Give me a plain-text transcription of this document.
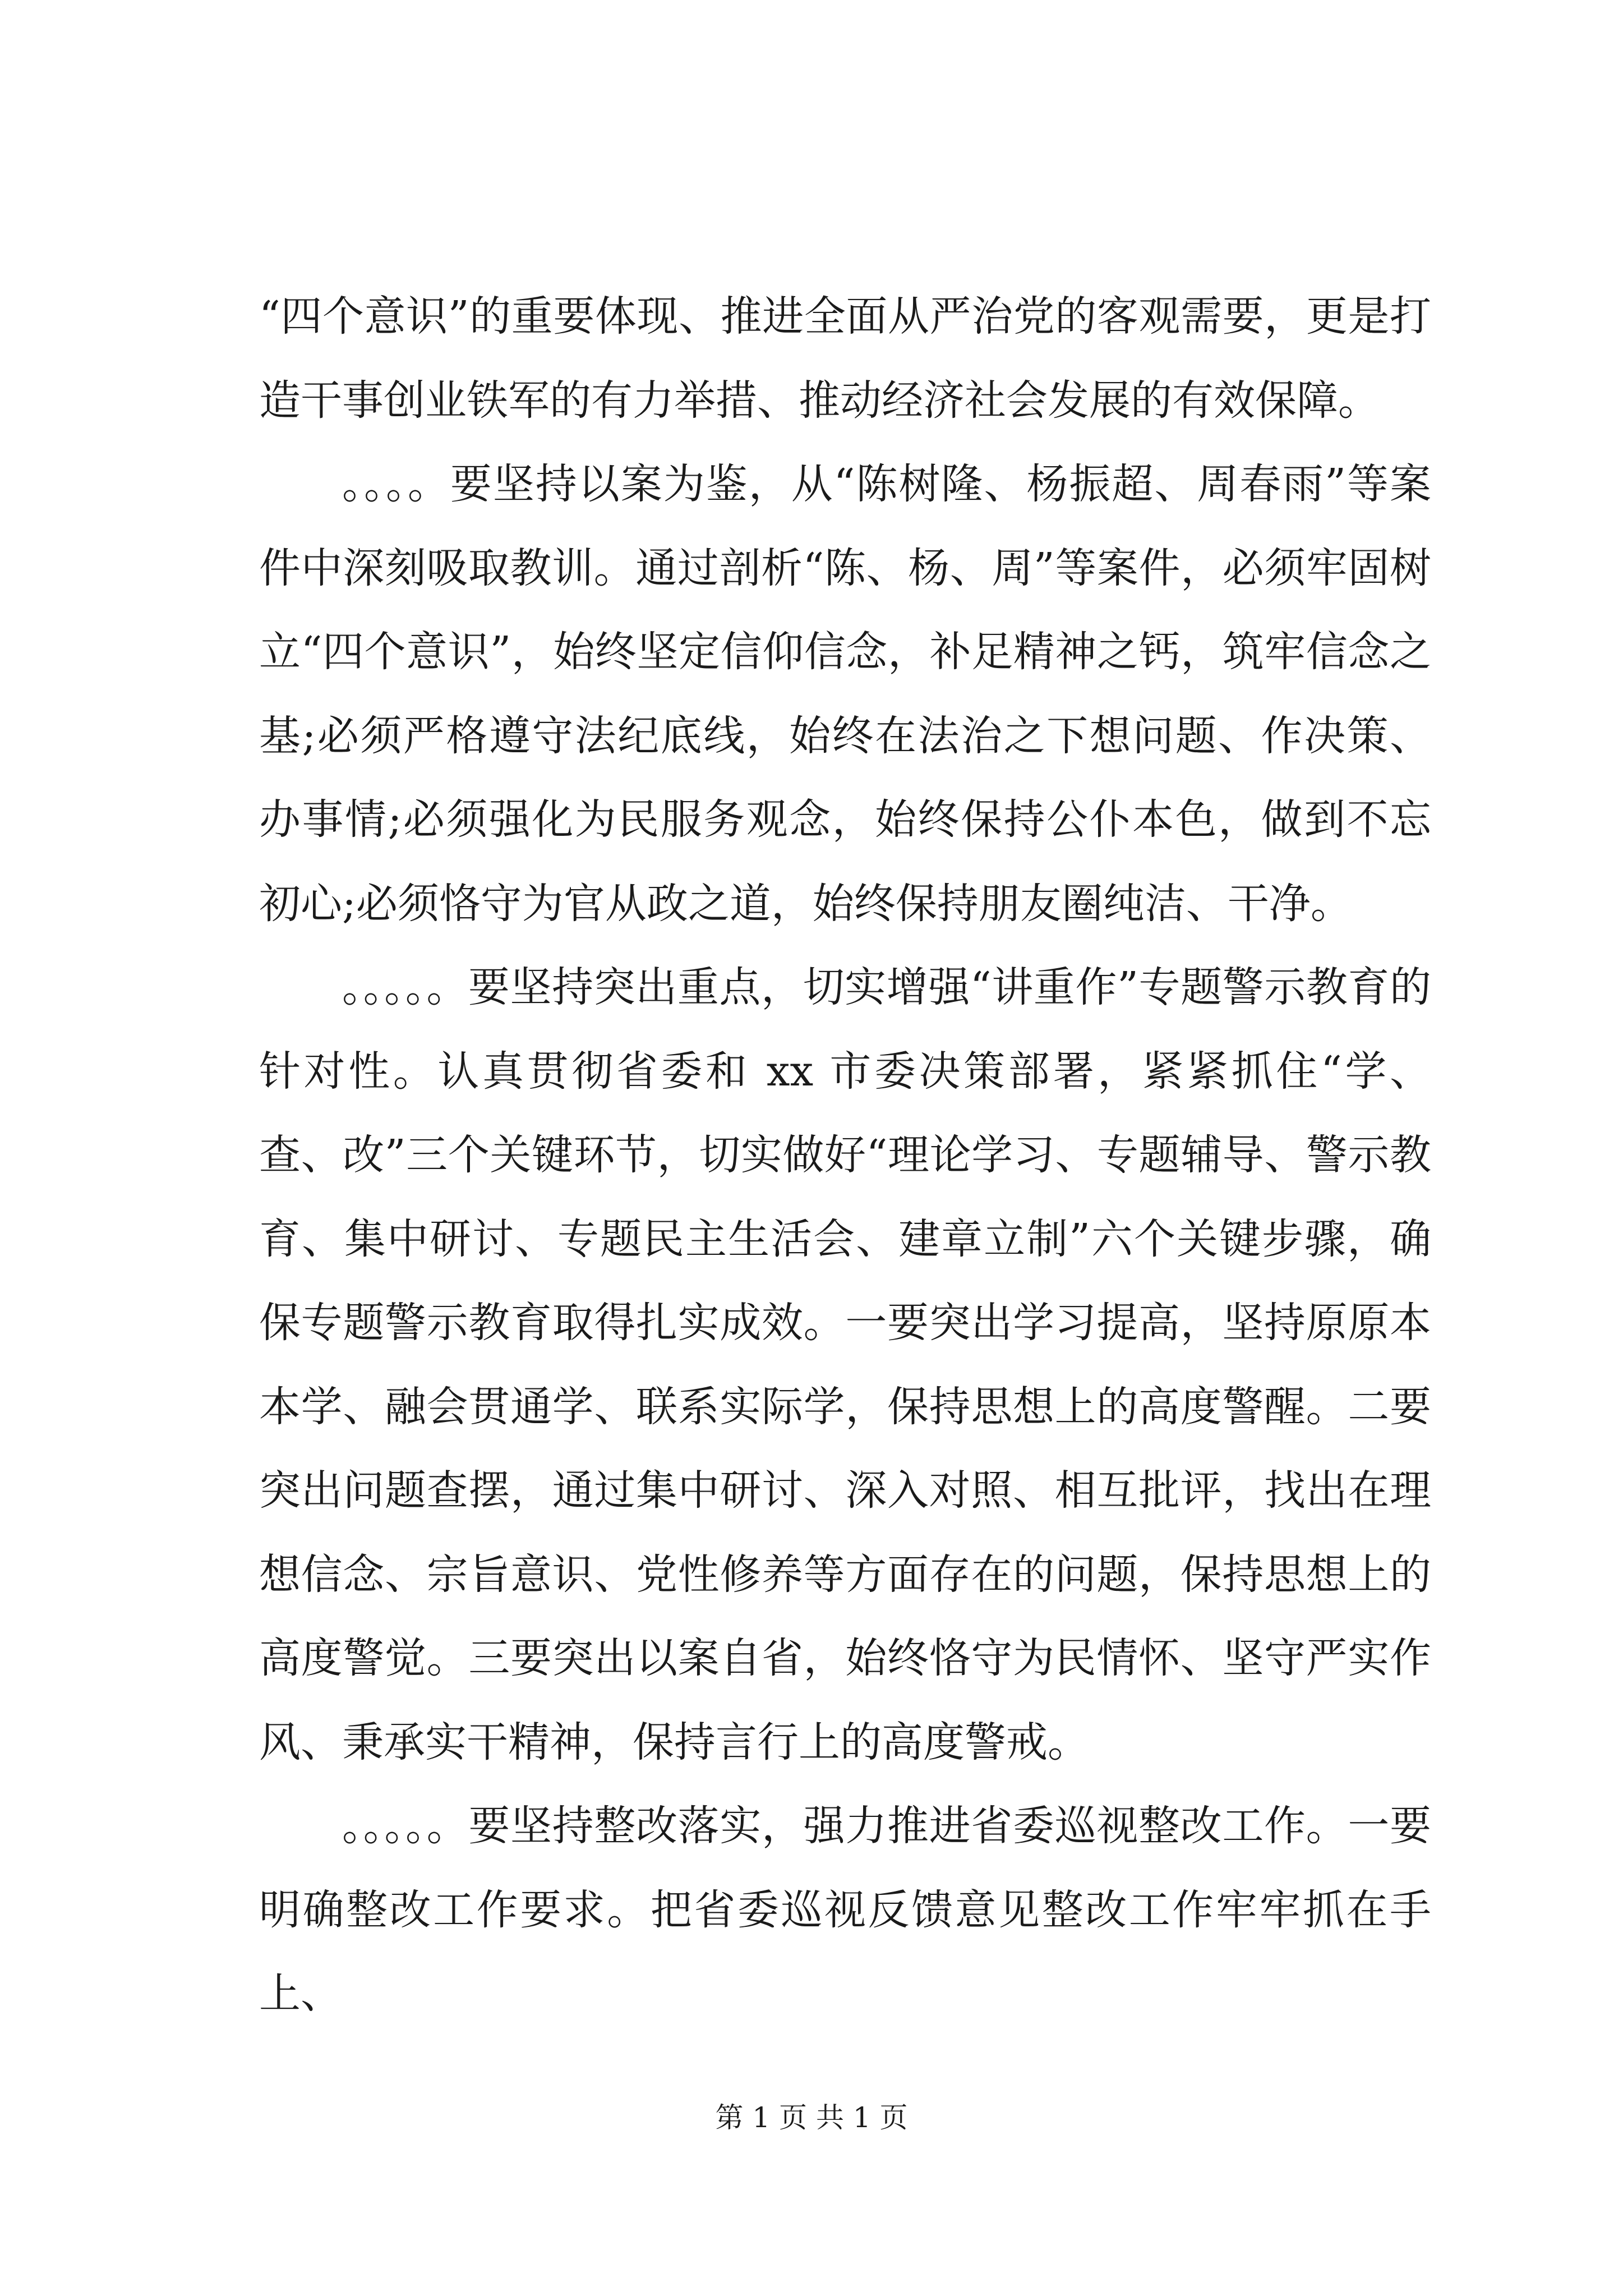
“四个意识”的重要体现、推进全面从严治党的客观需要，更是打造干事创业铁军的有力举措、推动经济社会发展的有效保障。

。。。。要坚持以案为鉴，从“陈树隆、杨振超、周春雨”等案件中深刻吸取教训。通过剖析“陈、杨、周”等案件，必须牢固树立“四个意识”，始终坚定信仰信念，补足精神之钙，筑牢信念之基;必须严格遵守法纪底线，始终在法治之下想问题、作决策、办事情;必须强化为民服务观念，始终保持公仆本色，做到不忘初心;必须恪守为官从政之道，始终保持朋友圈纯洁、干净。

。。。。。要坚持突出重点，切实增强“讲重作”专题警示教育的针对性。认真贯彻省委和 xx 市委决策部署，紧紧抓住“学、查、改”三个关键环节，切实做好“理论学习、专题辅导、警示教育、集中研讨、专题民主生活会、建章立制”六个关键步骤，确保专题警示教育取得扎实成效。一要突出学习提高，坚持原原本本学、融会贯通学、联系实际学，保持思想上的高度警醒。二要突出问题查摆，通过集中研讨、深入对照、相互批评，找出在理想信念、宗旨意识、党性修养等方面存在的问题，保持思想上的高度警觉。三要突出以案自省，始终恪守为民情怀、坚守严实作风、秉承实干精神，保持言行上的高度警戒。

。。。。。要坚持整改落实，强力推进省委巡视整改工作。一要明确整改工作要求。把省委巡视反馈意见整改工作牢牢抓在手上、

第 1 页 共 1 页
